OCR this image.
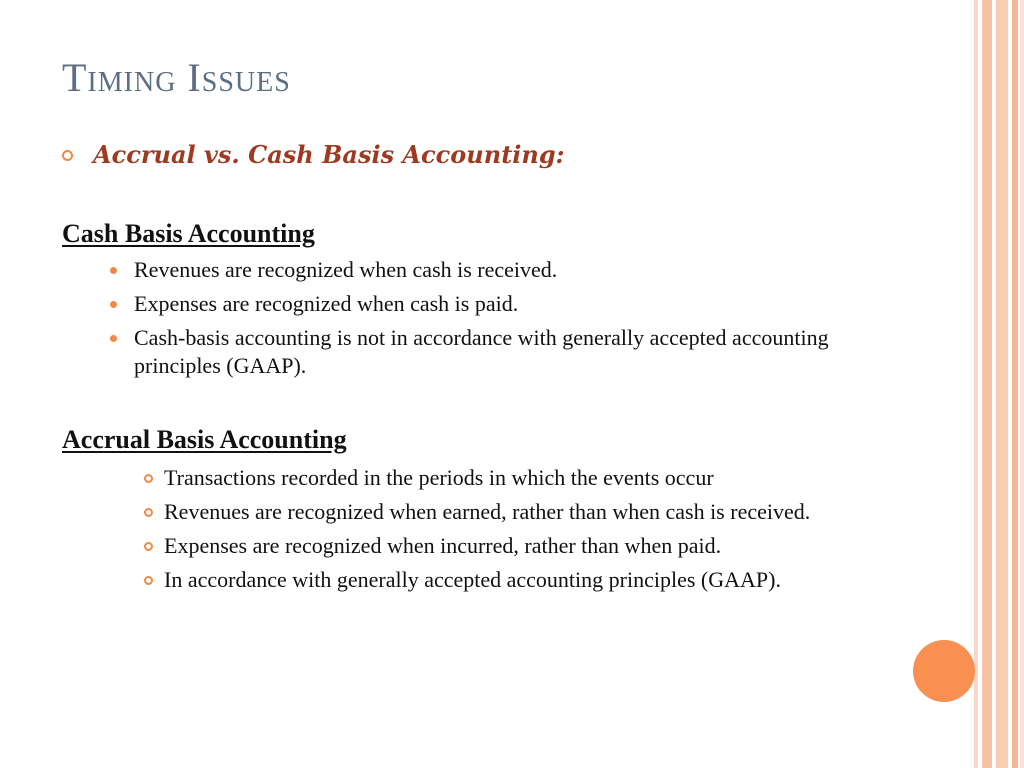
Timing Issues
Accrual vs. Cash Basis Accounting:
Cash Basis Accounting
Revenues are recognized when cash is received.
Expenses are recognized when cash is paid.
Cash-basis accounting is not in accordance with generally accepted accounting principles (GAAP).
Accrual Basis Accounting
Transactions recorded in the periods in which the events occur
Revenues are recognized when earned, rather than when cash is received.
Expenses are recognized when incurred, rather than when paid.
In accordance with generally accepted accounting principles (GAAP).
